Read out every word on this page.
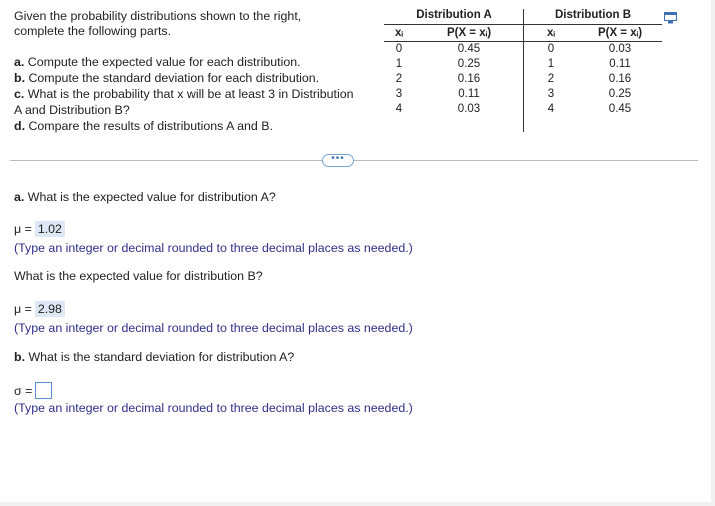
Given the probability distributions shown to the right,
complete the following parts.
a. Compute the expected value for each distribution.
b. Compute the standard deviation for each distribution.
c. What is the probability that x will be at least 3 in Distribution
A and Distribution B?
d. Compare the results of distributions A and B.
Distribution A
xᵢ
0
1
2
3
4
P(X = xᵢ)
0.45
0.25
0.16
0.11
0.03
Distribution B
xᵢ
0
1
2
3
4
P(X = xᵢ)
0.03
0.11
0.16
0.25
0.45
•••
a. What is the expected value for distribution A?
μ = 1.02
(Type an integer or decimal rounded to three decimal places as needed.)
What is the expected value for distribution B?
μ = 2.98
(Type an integer or decimal rounded to three decimal places as needed.)
b. What is the standard deviation for distribution A?
σ =
(Type an integer or decimal rounded to three decimal places as needed.)
